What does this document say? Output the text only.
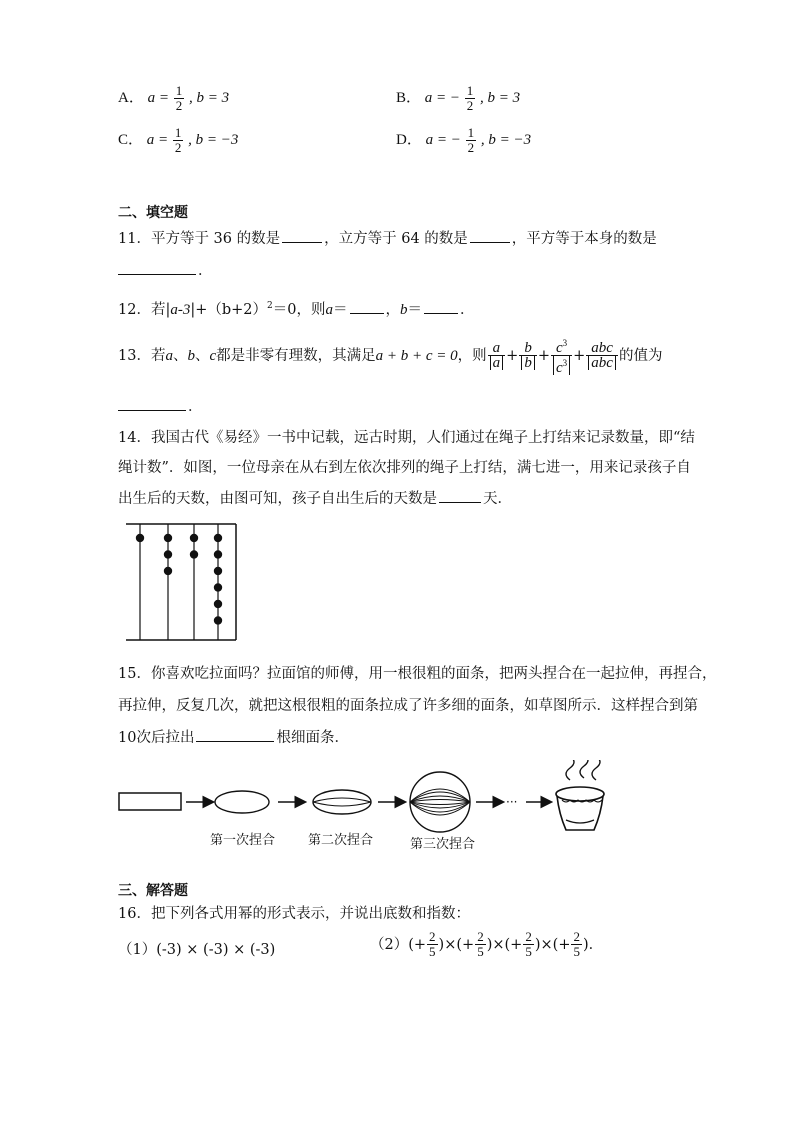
A． $a = \frac{1}{2}$ , b = 3	B． a = − $\frac{1}{2}$ , b = 3
C． $a = \frac{1}{2}$ , b = −3	D． a = − $\frac{1}{2}$ , b = −3
二、填空题
11．平方等于 36 的数是	，立方等于 64 的数是	，平方等于本身的数是
．
12．若$|a-3|+(b+2)^2=0$，则a＝	，b＝	．
13．若 a 、 b 、 c 都是非零有理数，其满足 a + b + c = 0 ，则 $\frac{a}{a} + \frac{b}{b} + \frac{c^3}{c^3} + \frac{\text{abc}}{\text{abc}}$ 的值为
．
14．我国古代《易经》一书中记载，远古时期，人们通过在绳子上打结来记录数量，即“结
绳计数”．如图，一位母亲在从右到左依次排列的绳子上打结，满七进一，用来记录孩子自
出生后的天数，由图可知，孩子自出生后的天数是	天．
15．你喜欢吃拉面吗？拉面馆的师傅，用一根很粗的面条，把两头捏合在一起拉伸，再捏合，
再拉伸，反复几次，就把这根很粗的面条拉成了许多细的面条，如草图所示．这样捏合到第
10次后拉出	根细面条．
···
第一次捏合	第二次捏合	第三次捏合
三、解答题
16．把下列各式用幂的形式表示，并说出底数和指数：
（1）(-3) × (-3) × (-3)	（2） (+ $\frac{2}{5}$ ) × (+ $\frac{2}{5}$ ) × (+ $\frac{2}{5}$ ) × (+ $\frac{2}{5}$ ) ．
